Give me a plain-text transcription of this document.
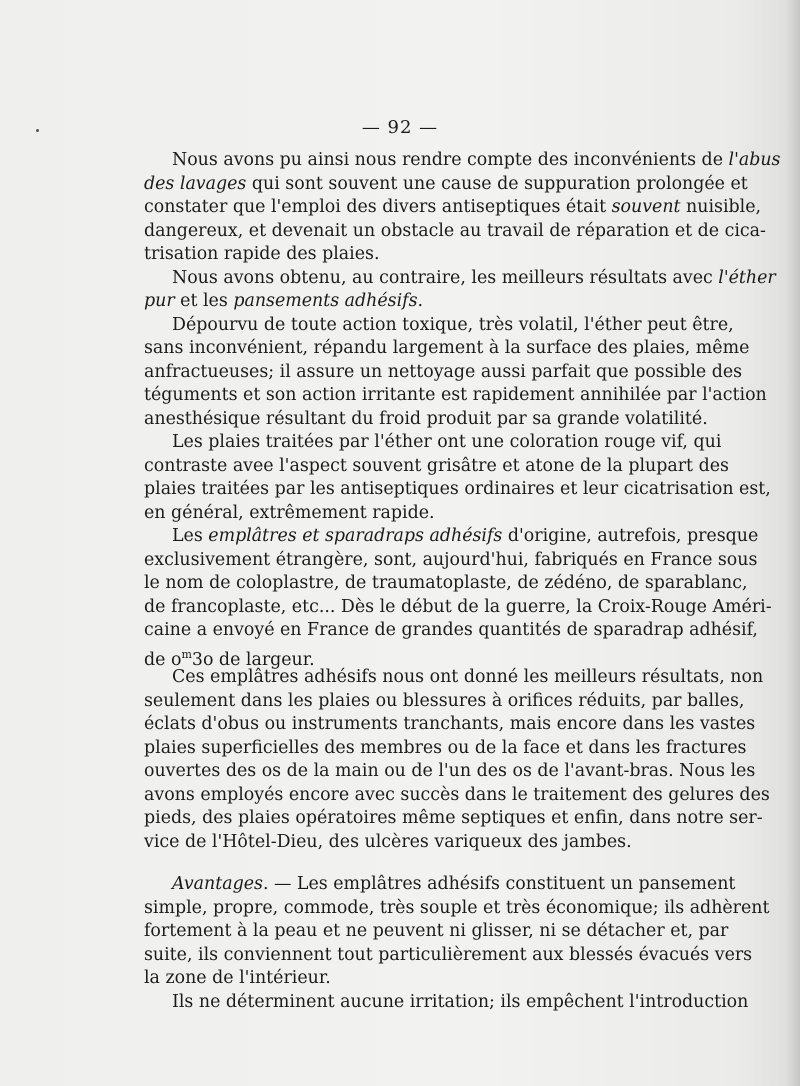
— 92 —
Nous avons pu ainsi nous rendre compte des inconvénients de l'abus
des lavages qui sont souvent une cause de suppuration prolongée et
constater que l'emploi des divers antiseptiques était souvent nuisible,
dangereux, et devenait un obstacle au travail de réparation et de cica-
trisation rapide des plaies.
Nous avons obtenu, au contraire, les meilleurs résultats avec l'éther
pur et les pansements adhésifs.
Dépourvu de toute action toxique, très volatil, l'éther peut être,
sans inconvénient, répandu largement à la surface des plaies, même
anfractueuses; il assure un nettoyage aussi parfait que possible des
téguments et son action irritante est rapidement annihilée par l'action
anesthésique résultant du froid produit par sa grande volatilité.
Les plaies traitées par l'éther ont une coloration rouge vif, qui
contraste avee l'aspect souvent grisâtre et atone de la plupart des
plaies traitées par les antiseptiques ordinaires et leur cicatrisation est,
en général, extrêmement rapide.
Les emplâtres et sparadraps adhésifs d'origine, autrefois, presque
exclusivement étrangère, sont, aujourd'hui, fabriqués en France sous
le nom de coloplastre, de traumatoplaste, de zédéno, de sparablanc,
de francoplaste, etc... Dès le début de la guerre, la Croix-Rouge Améri-
caine a envoyé en France de grandes quantités de sparadrap adhésif,
de $o^m3o$ de largeur.
Ces emplâtres adhésifs nous ont donné les meilleurs résultats, non
seulement dans les plaies ou blessures à orifices réduits, par balles,
éclats d'obus ou instruments tranchants, mais encore dans les vastes
plaies superficielles des membres ou de la face et dans les fractures
ouvertes des os de la main ou de l'un des os de l'avant-bras. Nous les
avons employés encore avec succès dans le traitement des gelures des
pieds, des plaies opératoires même septiques et enfin, dans notre ser-
vice de l'Hôtel-Dieu, des ulcères variqueux des jambes.
Avantages. — Les emplâtres adhésifs constituent un pansement
simple, propre, commode, très souple et très économique; ils adhèrent
fortement à la peau et ne peuvent ni glisser, ni se détacher et, par
suite, ils conviennent tout particulièrement aux blessés évacués vers
la zone de l'intérieur.
Ils ne déterminent aucune irritation; ils empêchent l'introduction
